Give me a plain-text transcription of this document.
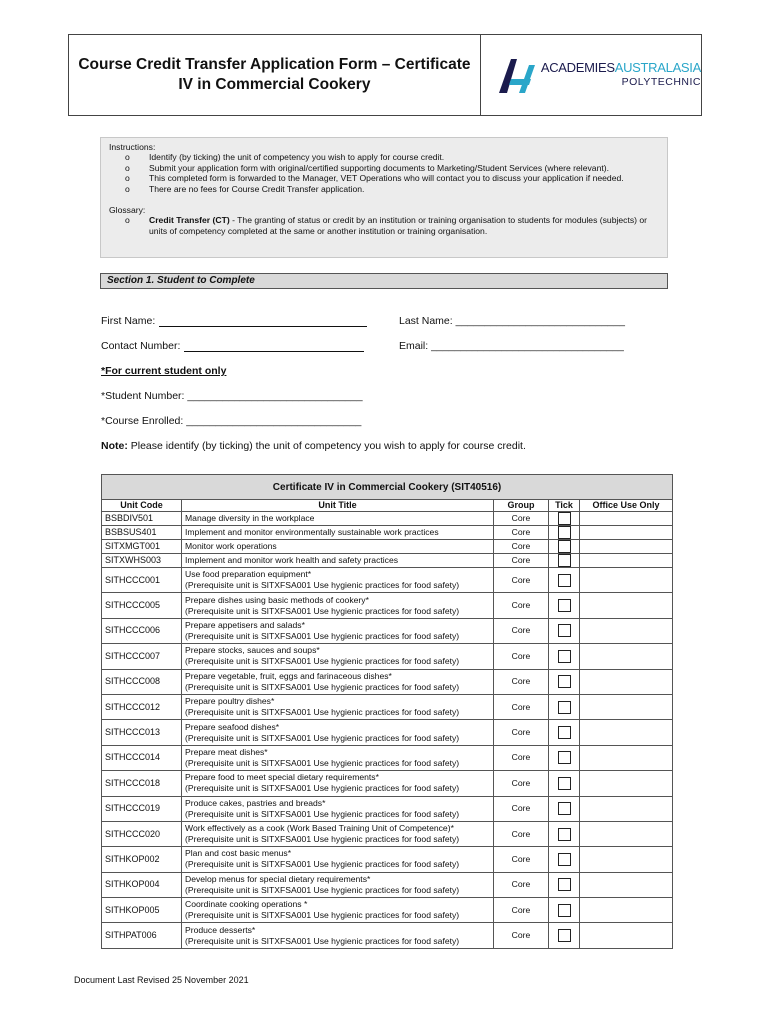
Course Credit Transfer Application Form – Certificate
IV in Commercial Cookery
ACADEMIESAUSTRALASIA
POLYTECHNIC
Instructions:
o Identify (by ticking) the unit of competency you wish to apply for course credit.
o Submit your application form with original/certified supporting documents to Marketing/Student Services (where relevant).
o This completed form is forwarded to the Manager, VET Operations who will contact you to discuss your application if needed.
o There are no fees for Course Credit Transfer application.
Glossary:
o Credit Transfer (CT) - The granting of status or credit by an institution or training organisation to students for modules (subjects) or units of competency completed at the same or another institution or training organisation.
Section 1. Student to Complete
First Name:	Last Name: _____________________________
Contact Number:	Email: _________________________________
*For current student only
*Student Number: ______________________________
*Course Enrolled: ______________________________
Note: Please identify (by ticking) the unit of competency you wish to apply for course credit.
Certificate IV in Commercial Cookery (SIT40516)				
Unit Code	Unit Title	Group	Tick	Office Use Only
BSBDIV501	Manage diversity in the workplace	Core		
BSBSUS401	Implement and monitor environmentally sustainable work practices	Core		
SITXMGT001	Monitor work operations	Core		
SITXWHS003	Implement and monitor work health and safety practices	Core		
SITHCCC001	Use food preparation equipment*
(Prerequisite unit is SITXFSA001 Use hygienic practices for food safety)	Core		
SITHCCC005	Prepare dishes using basic methods of cookery*
(Prerequisite unit is SITXFSA001 Use hygienic practices for food safety)	Core		
SITHCCC006	Prepare appetisers and salads*
(Prerequisite unit is SITXFSA001 Use hygienic practices for food safety)	Core		
SITHCCC007	Prepare stocks, sauces and soups*
(Prerequisite unit is SITXFSA001 Use hygienic practices for food safety)	Core		
SITHCCC008	Prepare vegetable, fruit, eggs and farinaceous dishes*
(Prerequisite unit is SITXFSA001 Use hygienic practices for food safety)	Core		
SITHCCC012	Prepare poultry dishes*
(Prerequisite unit is SITXFSA001 Use hygienic practices for food safety)	Core		
SITHCCC013	Prepare seafood dishes*
(Prerequisite unit is SITXFSA001 Use hygienic practices for food safety)	Core		
SITHCCC014	Prepare meat dishes*
(Prerequisite unit is SITXFSA001 Use hygienic practices for food safety)	Core		
SITHCCC018	Prepare food to meet special dietary requirements*
(Prerequisite unit is SITXFSA001 Use hygienic practices for food safety)	Core		
SITHCCC019	Produce cakes, pastries and breads*
(Prerequisite unit is SITXFSA001 Use hygienic practices for food safety)	Core		
SITHCCC020	Work effectively as a cook (Work Based Training Unit of Competence)*
(Prerequisite unit is SITXFSA001 Use hygienic practices for food safety)	Core		
SITHKOP002	Plan and cost basic menus*
(Prerequisite unit is SITXFSA001 Use hygienic practices for food safety)	Core		
SITHKOP004	Develop menus for special dietary requirements*
(Prerequisite unit is SITXFSA001 Use hygienic practices for food safety)	Core		
SITHKOP005	Coordinate cooking operations *
(Prerequisite unit is SITXFSA001 Use hygienic practices for food safety)	Core		
SITHPAT006	Produce desserts*
(Prerequisite unit is SITXFSA001 Use hygienic practices for food safety)	Core		
Document Last Revised 25 November 2021
